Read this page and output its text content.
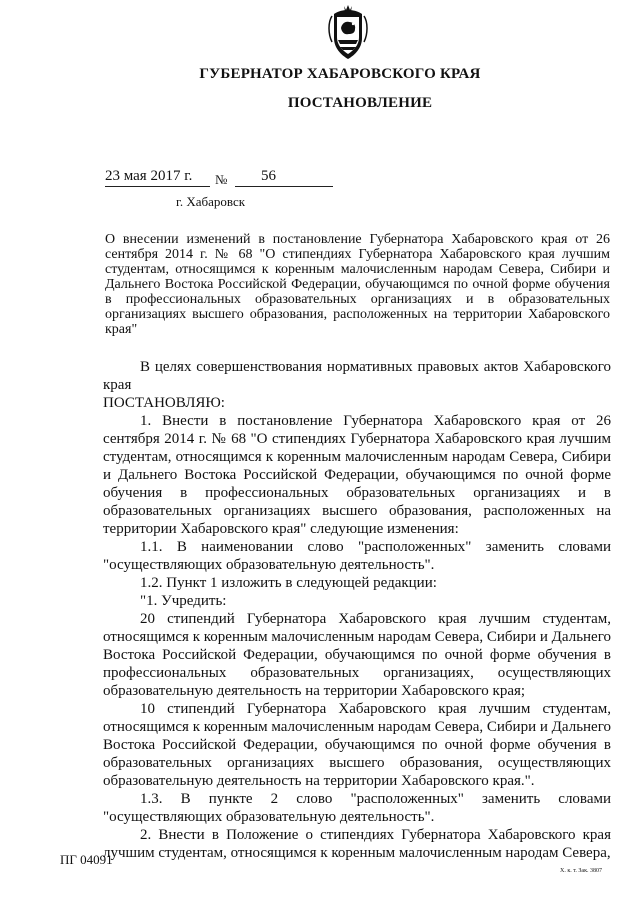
ГУБЕРНАТОР ХАБАРОВСКОГО КРАЯ
ПОСТАНОВЛЕНИЕ
23 мая 2017 г.	№	56
г. Хабаровск
О внесении изменений в постановление Губернатора Хабаровского края от 26 сентября 2014 г. № 68 "О стипендиях Губернатора Хабаровского края лучшим студентам, относящимся к коренным малочисленным народам Севера, Сибири и Дальнего Востока Российской Федерации, обучающимся по очной форме обучения в профессиональных образовательных организациях и в образовательных организациях высшего образования, расположенных на территории Хабаровского края"

В целях совершенствования нормативных правовых актов Хабаровского края

ПОСТАНОВЛЯЮ:

1. Внести в постановление Губернатора Хабаровского края от 26 сентября 2014 г. № 68 "О стипендиях Губернатора Хабаровского края лучшим студентам, относящимся к коренным малочисленным народам Севера, Сибири и Дальнего Востока Российской Федерации, обучающимся по очной форме обучения в профессиональных образовательных организациях и в образовательных организациях высшего образования, расположенных на территории Хабаровского края" следующие изменения:

1.1. В наименовании слово "расположенных" заменить словами "осуществляющих образовательную деятельность".

1.2. Пункт 1 изложить в следующей редакции:

"1. Учредить:

20 стипендий Губернатора Хабаровского края лучшим студентам, относящимся к коренным малочисленным народам Севера, Сибири и Дальнего Востока Российской Федерации, обучающимся по очной форме обучения в профессиональных образовательных организациях, осуществляющих образовательную деятельность на территории Хабаровского края;

10 стипендий Губернатора Хабаровского края лучшим студентам, относящимся к коренным малочисленным народам Севера, Сибири и Дальнего Востока Российской Федерации, обучающимся по очной форме обучения в образовательных организациях высшего образования, осуществляющих образовательную деятельность на территории Хабаровского края.".

1.3. В пункте 2 слово "расположенных" заменить словами "осуществляющих образовательную деятельность".

2. Внести в Положение о стипендиях Губернатора Хабаровского края лучшим студентам, относящимся к коренным малочисленным народам Севера,

ПГ 04091
Х. к. т. Зак. 3807
